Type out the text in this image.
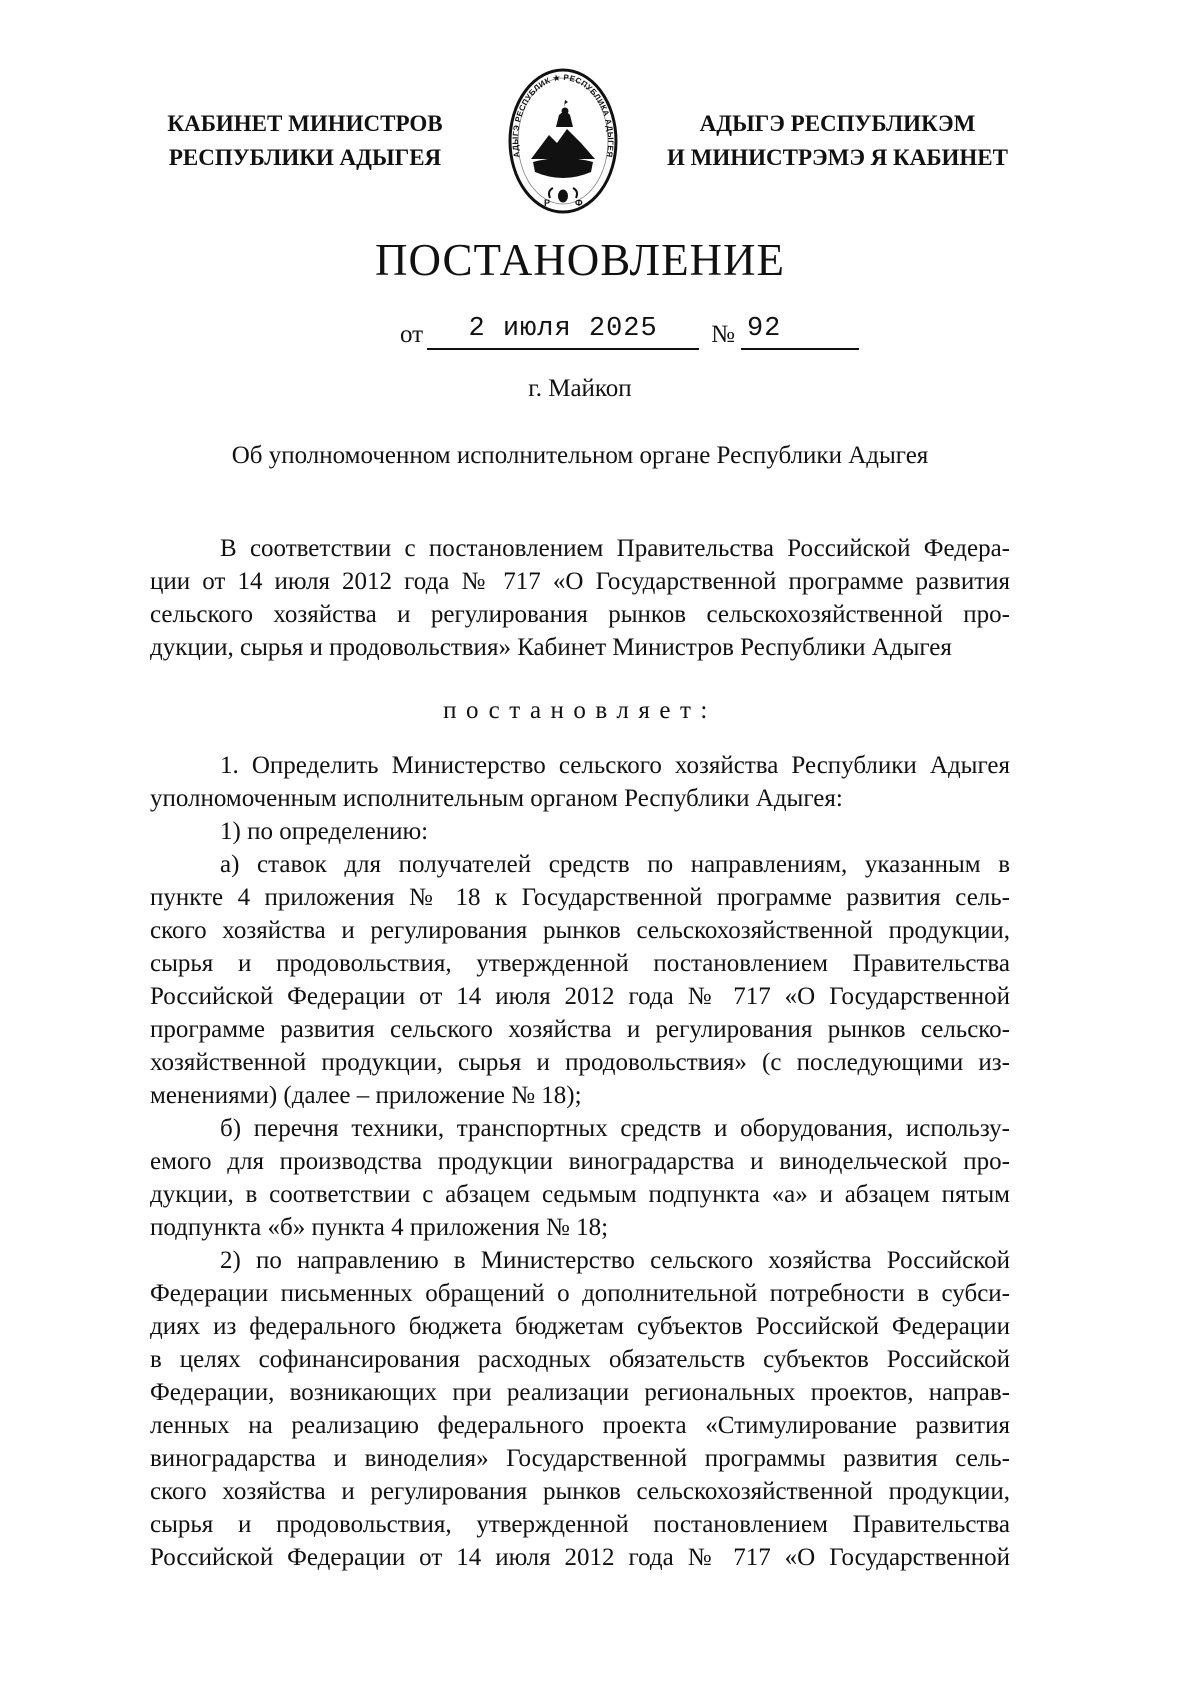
КАБИНЕТ МИНИСТРОВ
РЕСПУБЛИКИ АДЫГЕЯ	АДЫГЭ РЕСПУБЛИК ★ РЕСПУБЛИКА АДЫГЕЯ
Р	Ф
АДЫГЭ РЕСПУБЛИКЭМ
И МИНИСТРЭМЭ Я КАБИНЕТ
ПОСТАНОВЛЕНИЕ
от 2 июля 2025 № 92
г. Майкоп
Об уполномоченном исполнительном органе Республики Адыгея
В соответствии с постановлением Правительства Российской Федера-
ции от 14 июля 2012 года № 717 «О Государственной программе развития
сельского хозяйства и регулирования рынков сельскохозяйственной про-
дукции, сырья и продовольствия» Кабинет Министров Республики Адыгея
постановляет:
1. Определить Министерство сельского хозяйства Республики Адыгея
уполномоченным исполнительным органом Республики Адыгея:
1) по определению:
а) ставок для получателей средств по направлениям, указанным в
пункте 4 приложения № 18 к Государственной программе развития сель-
ского хозяйства и регулирования рынков сельскохозяйственной продукции,
сырья и продовольствия, утвержденной постановлением Правительства
Российской Федерации от 14 июля 2012 года № 717 «О Государственной
программе развития сельского хозяйства и регулирования рынков сельско-
хозяйственной продукции, сырья и продовольствия» (с последующими из-
менениями) (далее – приложение № 18);
б) перечня техники, транспортных средств и оборудования, использу-
емого для производства продукции виноградарства и винодельческой про-
дукции, в соответствии с абзацем седьмым подпункта «а» и абзацем пятым
подпункта «б» пункта 4 приложения № 18;
2) по направлению в Министерство сельского хозяйства Российской
Федерации письменных обращений о дополнительной потребности в субси-
диях из федерального бюджета бюджетам субъектов Российской Федерации
в целях софинансирования расходных обязательств субъектов Российской
Федерации, возникающих при реализации региональных проектов, направ-
ленных на реализацию федерального проекта «Стимулирование развития
виноградарства и виноделия» Государственной программы развития сель-
ского хозяйства и регулирования рынков сельскохозяйственной продукции,
сырья и продовольствия, утвержденной постановлением Правительства
Российской Федерации от 14 июля 2012 года № 717 «О Государственной
